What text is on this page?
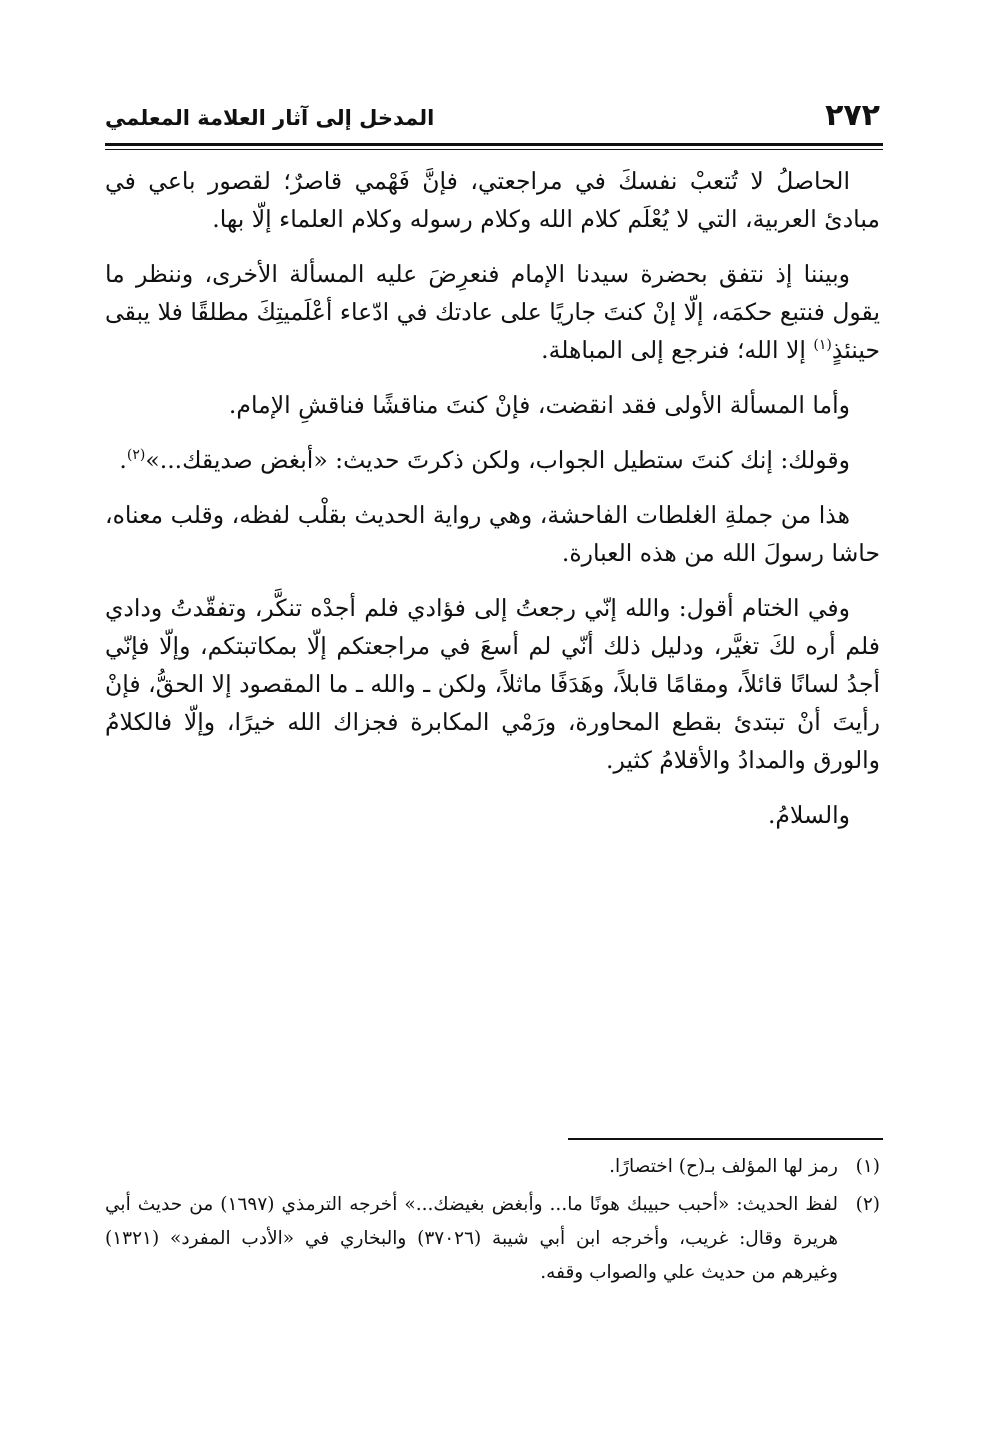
٢٧٢
المدخل إلى آثار العلامة المعلمي

الحاصلُ لا تُتعبْ نفسكَ في مراجعتي، فإنَّ فَهْمي قاصرٌ؛ لقصور باعي في مبادئ العربية، التي لا يُعْلَم كلام الله وكلام رسوله وكلام العلماء إلّا بها.

وبيننا إذ نتفق بحضرة سيدنا الإمام فنعرِضَ عليه المسألة الأخرى، وننظر ما يقول فنتبع حكمَه، إلّا إنْ كنتَ جاريًا على عادتك في ادّعاء أعْلَميتِكَ مطلقًا فلا يبقى حينئذٍ$^{(١)}$ إلا الله؛ فنرجع إلى المباهلة.

وأما المسألة الأولى فقد انقضت، فإنْ كنتَ مناقشًا فناقشِ الإمام.

وقولك: إنك كنتَ ستطيل الجواب، ولكن ذكرتَ حديث: «أبغض صديقك...»$^{(٢)}$.

هذا من جملةِ الغلطات الفاحشة، وهي رواية الحديث بقلْب لفظه، وقلب معناه، حاشا رسولَ الله من هذه العبارة.

وفي الختام أقول: والله إنّي رجعتُ إلى فؤادي فلم أجدْه تنكَّر، وتفقّدتُ ودادي فلم أره لكَ تغيَّر، ودليل ذلك أنّي لم أسعَ في مراجعتكم إلّا بمكاتبتكم، وإلّا فإنّي أجدُ لسانًا قائلاً، ومقامًا قابلاً، وهَدَفًا ماثلاً، ولكن ـ والله ـ ما المقصود إلا الحقُّ، فإنْ رأيتَ أنْ تبتدئ بقطع المحاورة، ورَمْي المكابرة فجزاك الله خيرًا، وإلّا فالكلامُ والورق والمدادُ والأقلامُ كثير.

والسلامُ.

(١)
رمز لها المؤلف بـ(ح) اختصارًا.
(٢)
لفظ الحديث: «أحبب حبيبك هونًا ما... وأبغض بغيضك...» أخرجه الترمذي (١٦٩٧) من حديث أبي هريرة وقال: غريب، وأخرجه ابن أبي شيبة (٣٧٠٢٦) والبخاري في «الأدب المفرد» (١٣٢١) وغيرهم من حديث علي والصواب وقفه.
